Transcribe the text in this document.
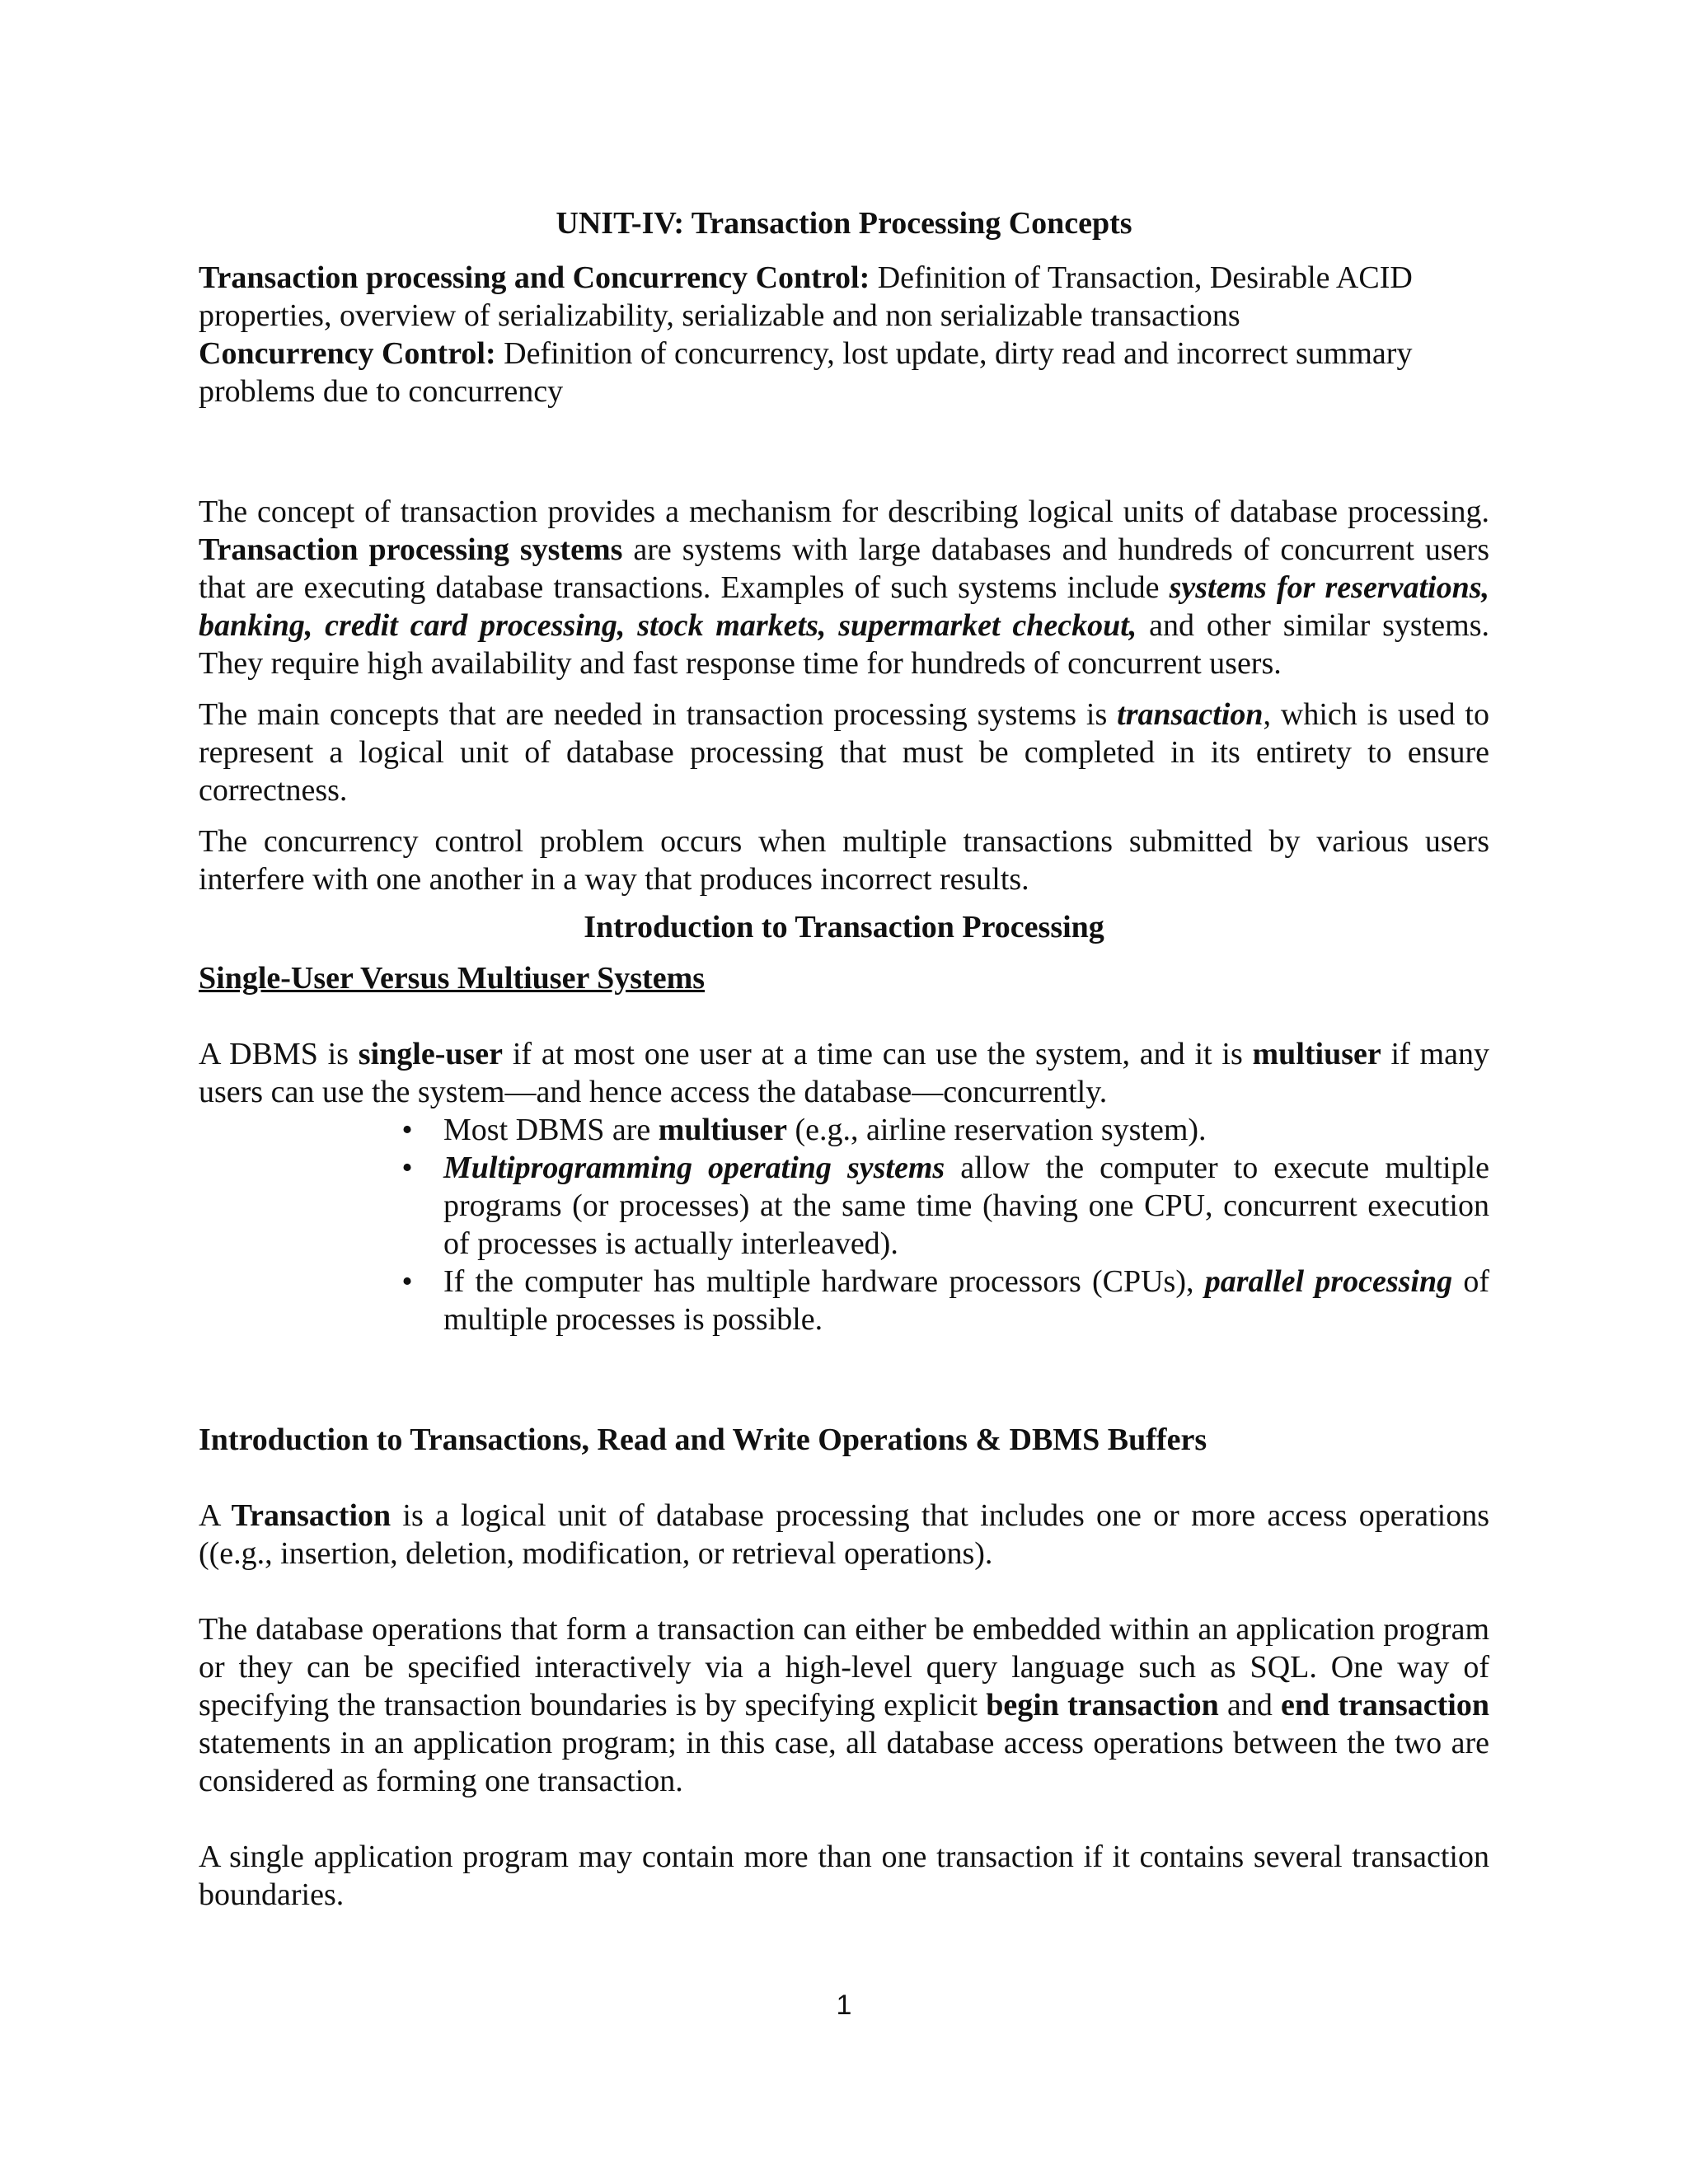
UNIT-IV: Transaction Processing Concepts

Transaction processing and Concurrency Control: Definition of Transaction, Desirable ACID properties, overview of serializability, serializable and non serializable transactions

Concurrency Control: Definition of concurrency, lost update, dirty read and incorrect summary problems due to concurrency

The concept of transaction provides a mechanism for describing logical units of database processing. Transaction processing systems are systems with large databases and hundreds of concurrent users that are executing database transactions. Examples of such systems include systems for reservations, banking, credit card processing, stock markets, supermarket checkout, and other similar systems. They require high availability and fast response time for hundreds of concurrent users.

The main concepts that are needed in transaction processing systems is transaction, which is used to represent a logical unit of database processing that must be completed in its entirety to ensure correctness.

The concurrency control problem occurs when multiple transactions submitted by various users interfere with one another in a way that produces incorrect results.

Introduction to Transaction Processing
Single-User Versus Multiuser Systems

A DBMS is single-user if at most one user at a time can use the system, and it is multiuser if many users can use the system—and hence access the database—concurrently.

• Most DBMS are multiuser (e.g., airline reservation system).
• Multiprogramming operating systems allow the computer to execute multiple programs (or processes) at the same time (having one CPU, concurrent execution of processes is actually interleaved).
• If the computer has multiple hardware processors (CPUs), parallel processing of multiple processes is possible.
Introduction to Transactions, Read and Write Operations & DBMS Buffers

A Transaction is a logical unit of database processing that includes one or more access operations ((e.g., insertion, deletion, modification, or retrieval operations).

The database operations that form a transaction can either be embedded within an application program or they can be specified interactively via a high-level query language such as SQL. One way of specifying the transaction boundaries is by specifying explicit begin transaction and end transaction statements in an application program; in this case, all database access operations between the two are considered as forming one transaction.

A single application program may contain more than one transaction if it contains several transaction boundaries.

1
